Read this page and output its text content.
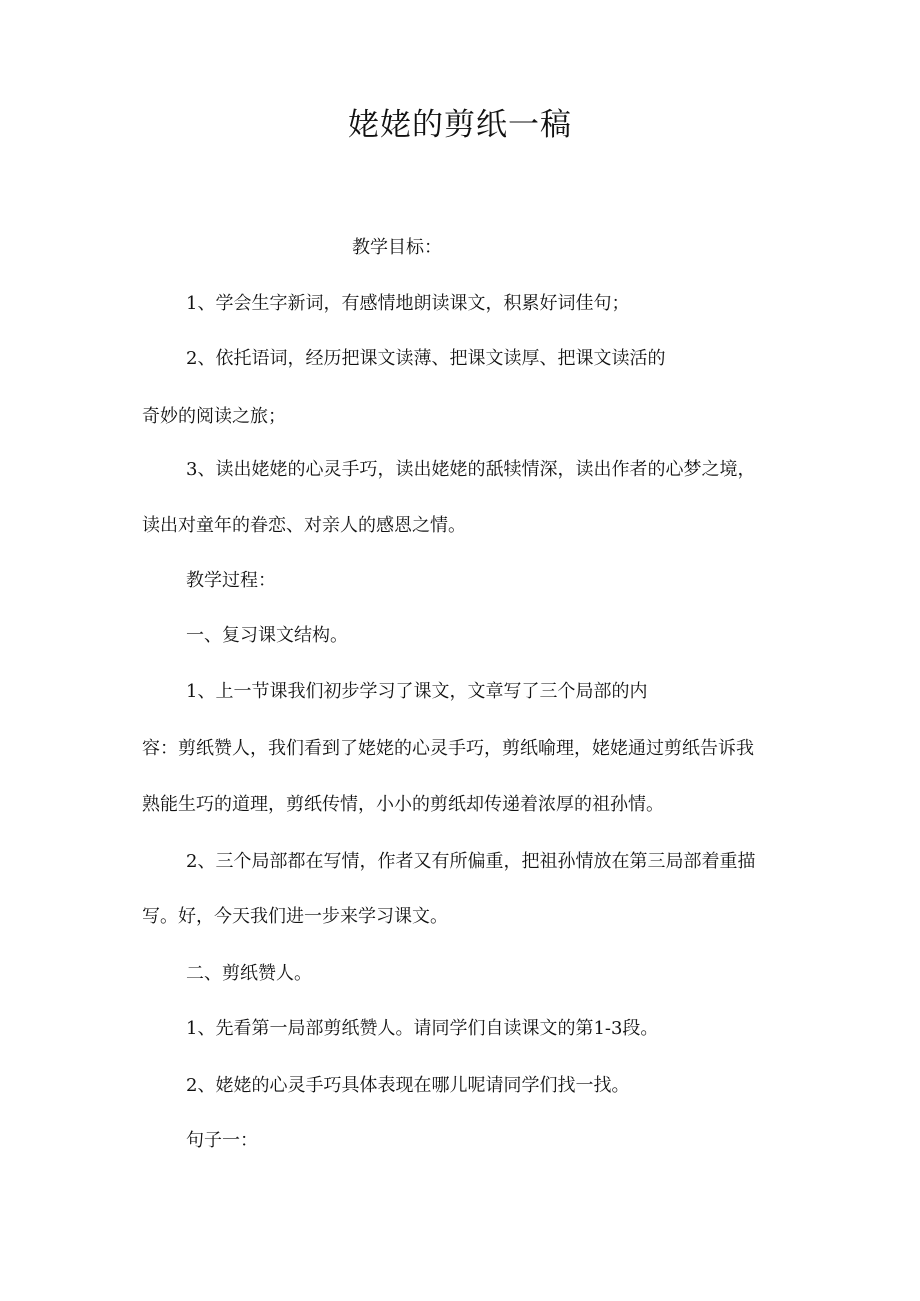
姥姥的剪纸一稿
教学目标：
1、学会生字新词，有感情地朗读课文，积累好词佳句；
2、依托语词，经历把课文读薄、把课文读厚、把课文读活的
奇妙的阅读之旅；
3、读出姥姥的心灵手巧，读出姥姥的舐犊情深，读出作者的心梦之境，
读出对童年的眷恋、对亲人的感恩之情。
教学过程：
一、复习课文结构。
1、上一节课我们初步学习了课文，文章写了三个局部的内
容：剪纸赞人，我们看到了姥姥的心灵手巧，剪纸喻理，姥姥通过剪纸告诉我
熟能生巧的道理，剪纸传情，小小的剪纸却传递着浓厚的祖孙情。
2、三个局部都在写情，作者又有所偏重，把祖孙情放在第三局部着重描
写。好，今天我们进一步来学习课文。
二、剪纸赞人。
1、先看第一局部剪纸赞人。请同学们自读课文的第1-3段。
2、姥姥的心灵手巧具体表现在哪儿呢请同学们找一找。
句子一：
